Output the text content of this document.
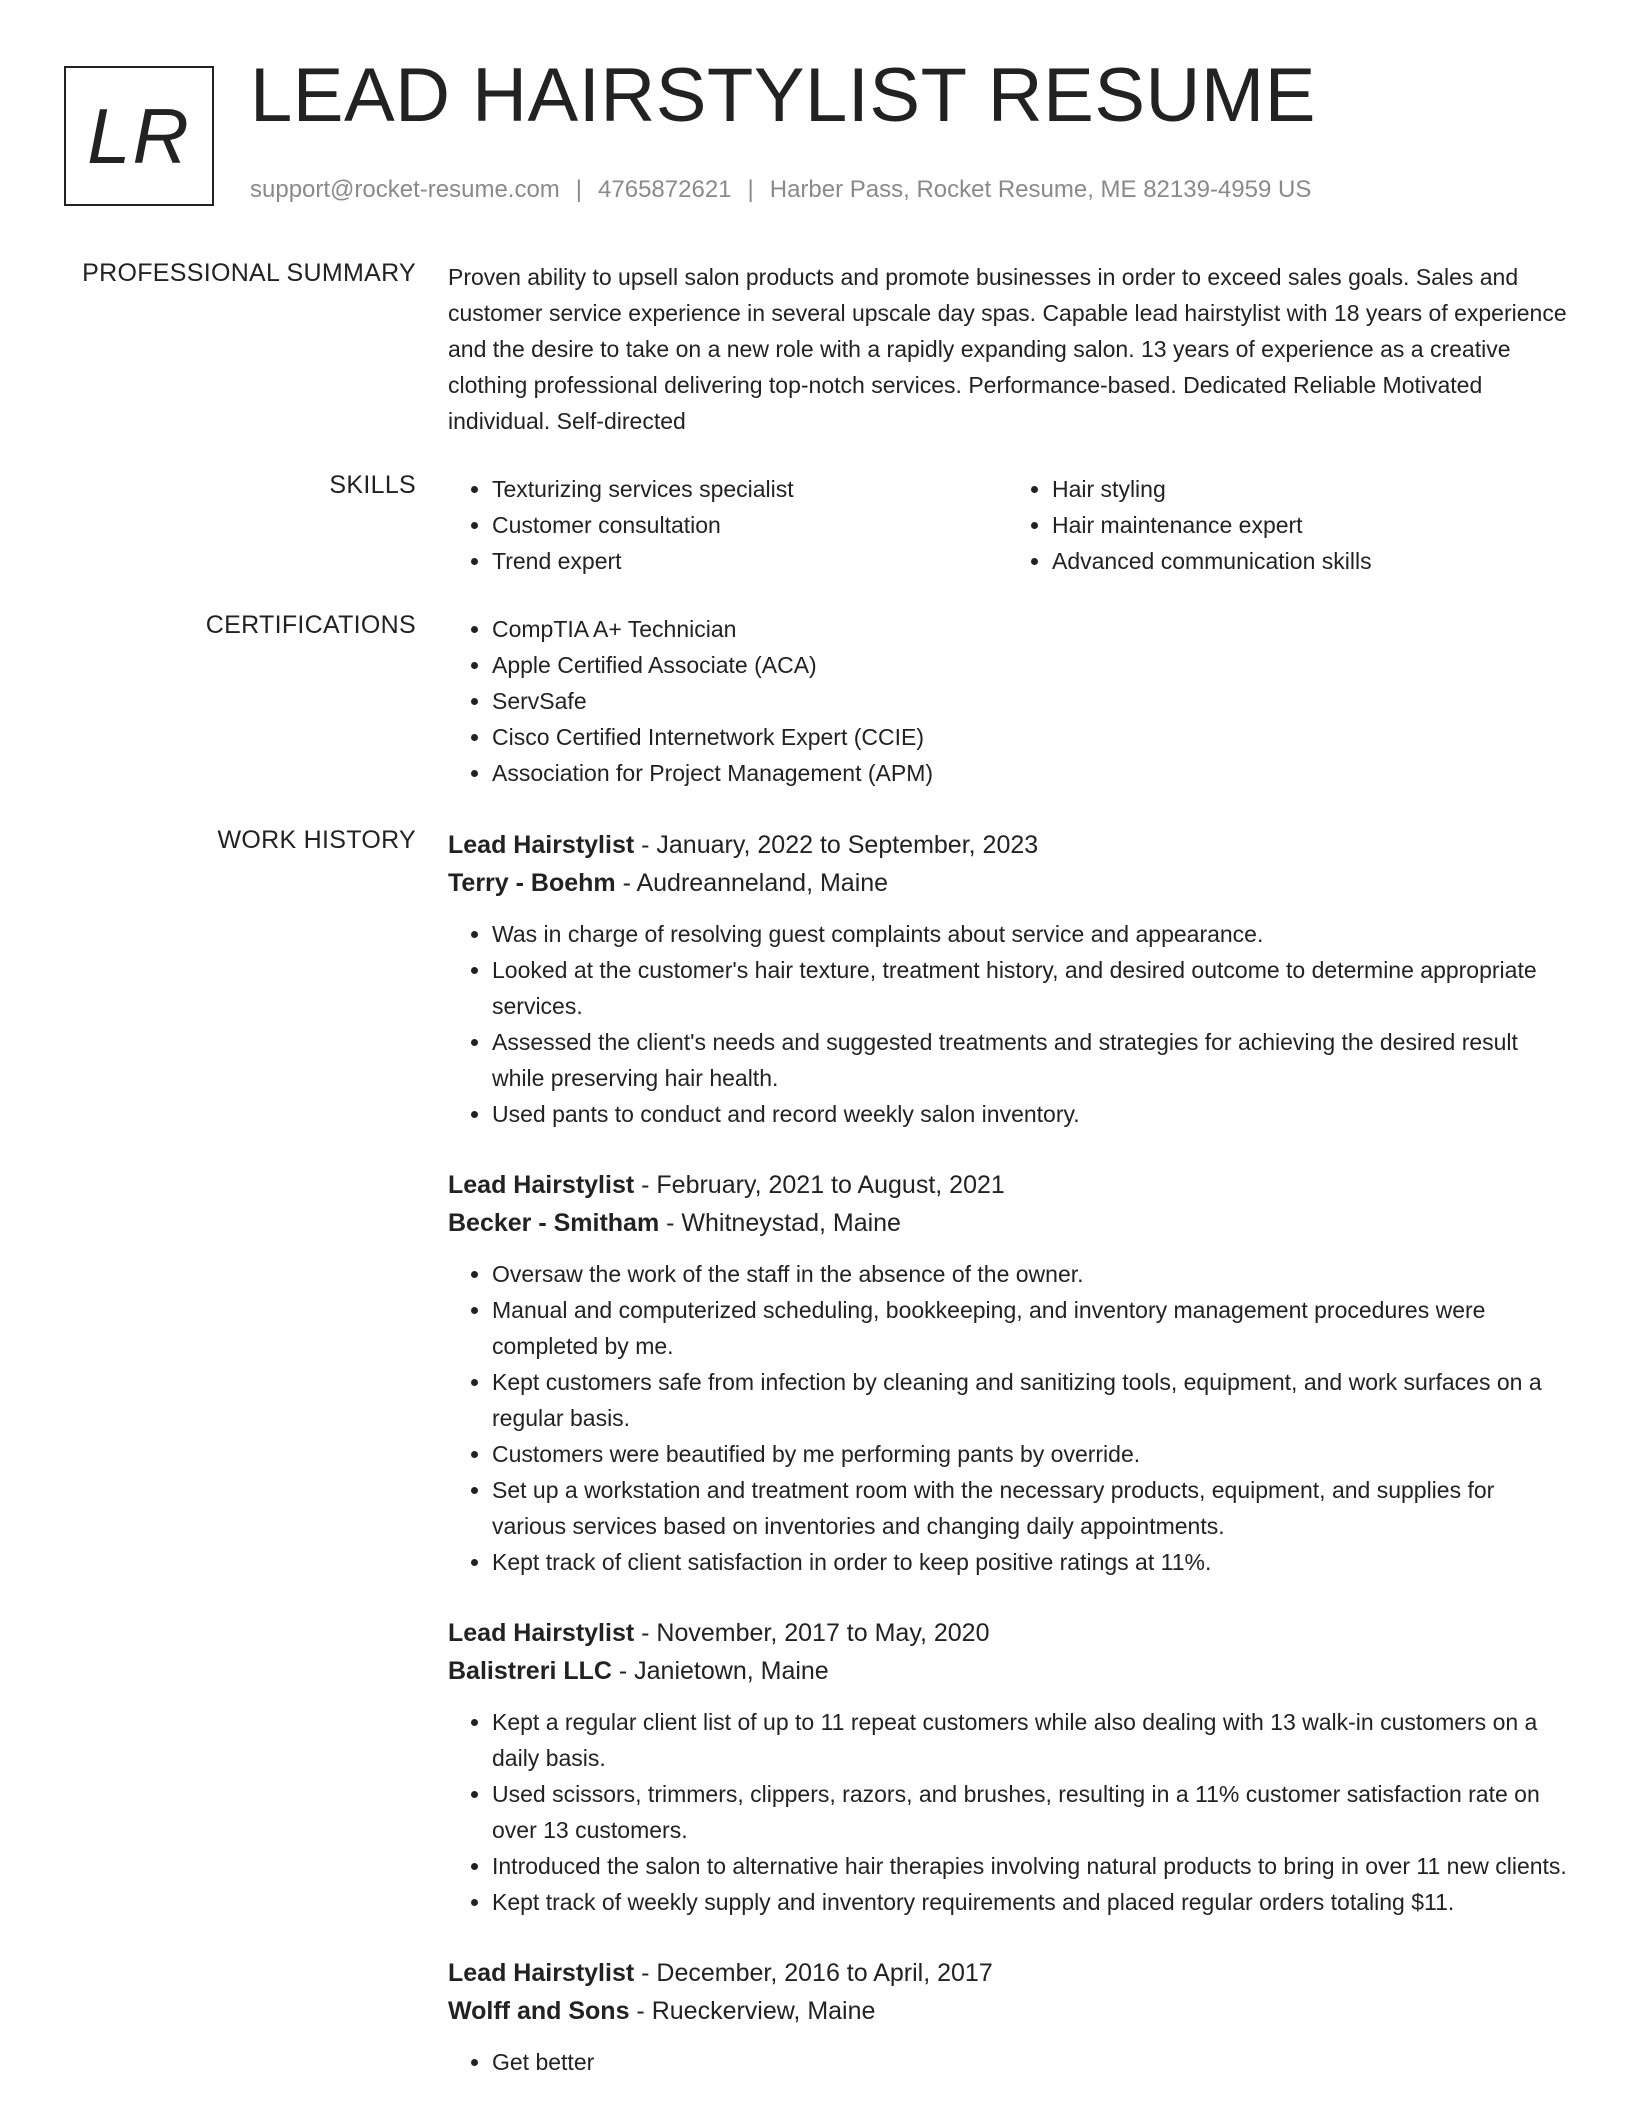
LR LEAD HAIRSTYLIST RESUME
support@rocket-resume.com | 4765872621 | Harber Pass, Rocket Resume, ME 82139-4959 US
PROFESSIONAL SUMMARY Proven ability to upsell salon products and promote businesses in order to exceed sales goals. Sales and customer service experience in several upscale day spas. Capable lead hairstylist with 18 years of experience and the desire to take on a new role with a rapidly expanding salon. 13 years of experience as a creative clothing professional delivering top-notch services. Performance-based. Dedicated Reliable Motivated individual. Self-directed

SKILLS	• Texturizing services specialist
• Customer consultation
• Trend expert
• Hair styling
• Hair maintenance expert
• Advanced communication skills
CERTIFICATIONS	• CompTIA A+ Technician
• Apple Certified Associate (ACA)
• ServSafe
• Cisco Certified Internetwork Expert (CCIE)
• Association for Project Management (APM)
WORK HISTORY Lead Hairstylist - January, 2022 to September, 2023
Terry - Boehm - Audreanneland, Maine
• Was in charge of resolving guest complaints about service and appearance.
• Looked at the customer's hair texture, treatment history, and desired outcome to determine appropriate services.
• Assessed the client's needs and suggested treatments and strategies for achieving the desired result while preserving hair health.
• Used pants to conduct and record weekly salon inventory.
Lead Hairstylist - February, 2021 to August, 2021
Becker - Smitham - Whitneystad, Maine
• Oversaw the work of the staff in the absence of the owner.
• Manual and computerized scheduling, bookkeeping, and inventory management procedures were completed by me.
• Kept customers safe from infection by cleaning and sanitizing tools, equipment, and work surfaces on a regular basis.
• Customers were beautified by me performing pants by override.
• Set up a workstation and treatment room with the necessary products, equipment, and supplies for various services based on inventories and changing daily appointments.
• Kept track of client satisfaction in order to keep positive ratings at 11%.
Lead Hairstylist - November, 2017 to May, 2020
Balistreri LLC - Janietown, Maine
• Kept a regular client list of up to 11 repeat customers while also dealing with 13 walk-in customers on a daily basis.
• Used scissors, trimmers, clippers, razors, and brushes, resulting in a 11% customer satisfaction rate on over 13 customers.
• Introduced the salon to alternative hair therapies involving natural products to bring in over 11 new clients.
• Kept track of weekly supply and inventory requirements and placed regular orders totaling $11.
Lead Hairstylist - December, 2016 to April, 2017
Wolff and Sons - Rueckerview, Maine
• Get better
